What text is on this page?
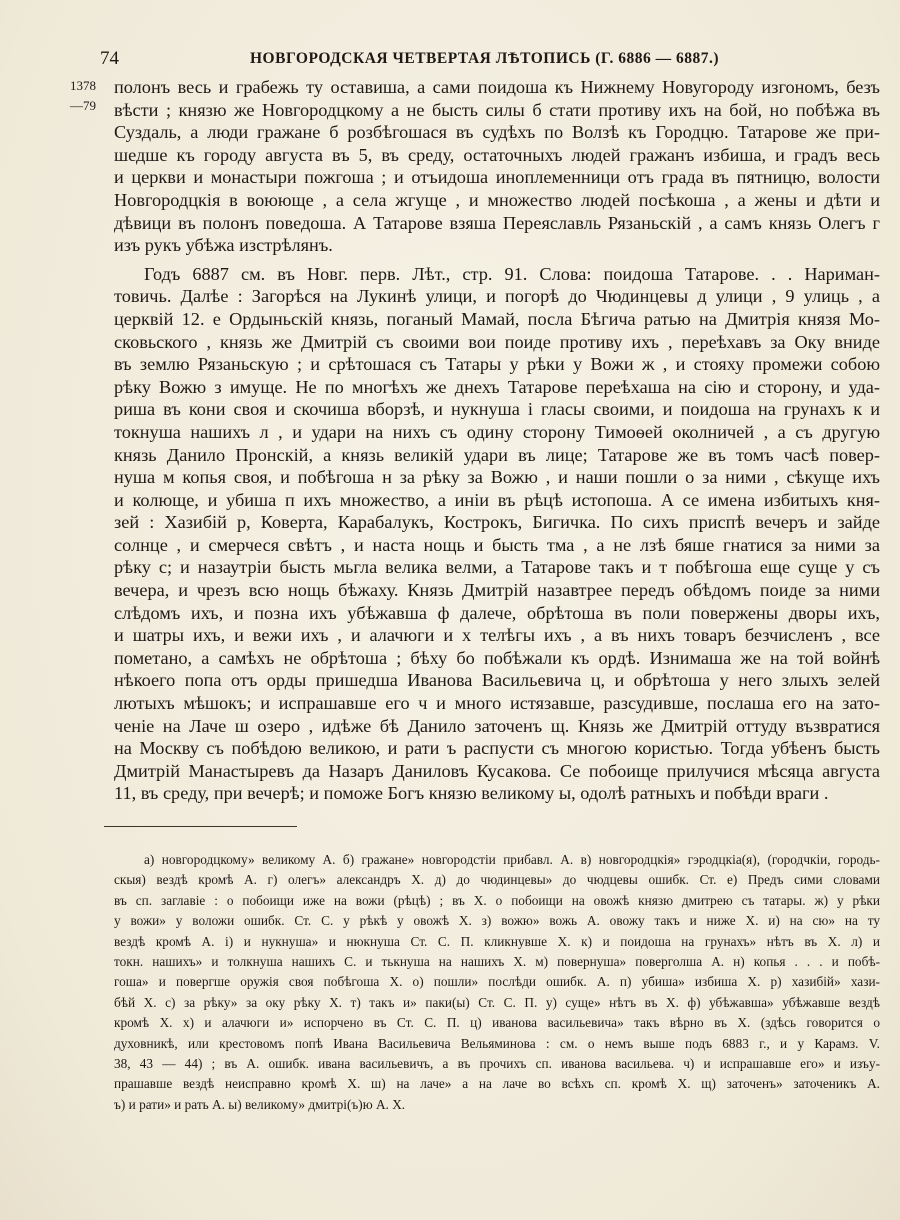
74	НОВГОРОДСКАЯ ЧЕТВЕРТАЯ ЛѢТОПИСЬ (Г. 6886 — 6887.)
1378
—79
полонъ весь и грабежь ту оставиша, а сами поидоша къ Нижнему Новугороду изгономъ, безъ
вѣсти ; князю же Новгородцкому а не бысть силы б стати противу ихъ на бой, но побѣжа въ
Суздаль, а люди гражане б розбѣгошася въ судѣхъ по Волзѣ къ Городцю. Татарове же при-
шедше къ городу августа въ 5, въ среду, остаточныхъ людей гражанъ избиша, и градъ весь
и церкви и монастыри пожгоша ; и отъидоша иноплеменници отъ града въ пятницю, волости
Новгородцкія в воююще , а села жгуще , и множество людей посѣкоша , а жены и дѣти и
дѣвици въ полонъ поведоша. А Татарове взяша Переяславль Рязаньскій , а самъ князь Олегъ г
изъ рукъ убѣжа изстрѣлянъ.
Годъ 6887 см. въ Новг. перв. Лѣт., стр. 91. Слова: поидоша Татарове. . . Нариман-
товичь. Далѣе : Загорѣся на Лукинѣ улици, и погорѣ до Чюдинцевы д улици , 9 улиць , а
церквій 12. е Ордыньскій князь, поганый Мамай, посла Бѣгича ратью на Дмитрія князя Мо-
сковьского , князь же Дмитрій съ своими вои поиде противу ихъ , переѣхавъ за Оку вниде
въ землю Рязаньскую ; и срѣтошася съ Татары у рѣки у Вожи ж , и стояху промежи собою
рѣку Вожю з имуще. Не по многѣхъ же днехъ Татарове переѣхаша на сію и сторону, и уда-
риша въ кони своя и скочиша вборзѣ, и нукнуша і гласы своими, и поидоша на грунахъ к и
токнуша нашихъ л , и удари на нихъ съ одину сторону Тимоѳей околничей , а съ другую
князь Данило Пронскій, а князь великій удари въ лице; Татарове же въ томъ часѣ повер-
нуша м копья своя, и побѣгоша н за рѣку за Вожю , и наши пошли о за ними , сѣкуще ихъ
и колюще, и убиша п ихъ множество, а иніи въ рѣцѣ истопоша. А се имена избитыхъ кня-
зей : Хазибій р, Коверта, Карабалукъ, Кострокъ, Бигичка. По сихъ приспѣ вечеръ и зайде
солнце , и смерчеся свѣтъ , и наста нощь и бысть тма , а не лзѣ бяше гнатися за ними за
рѣку с; и назаутріи бысть мьгла велика велми, а Татарове такъ и т побѣгоша еще суще у съ
вечера, и чрезъ всю нощь бѣжаху. Князь Дмитрій назавтрее передъ обѣдомъ поиде за ними
слѣдомъ ихъ, и позна ихъ убѣжавша ф далече, обрѣтоша въ поли повержены дворы ихъ,
и шатры ихъ, и вежи ихъ , и алачюги и х телѣгы ихъ , а въ нихъ товаръ безчисленъ , все
пометано, а самѣхъ не обрѣтоша ; бѣху бо побѣжали къ ордѣ. Изнимаша же на той войнѣ
нѣкоего попа отъ орды пришедша Иванова Васильевича ц, и обрѣтоша у него злыхъ зелей
лютыхъ мѣшокъ; и испрашавше его ч и много истязавше, разсудивше, послаша его на зато-
ченіе на Лаче ш озеро , идѣже бѣ Данило заточенъ щ. Князь же Дмитрій оттуду възвратися
на Москву съ побѣдою великою, и рати ъ распусти съ многою користью. Тогда убѣенъ бысть
Дмитрій Манастыревъ да Назаръ Даниловъ Кусакова. Се побоище прилучися мѣсяца августа
11, въ среду, при вечерѣ; и поможе Богъ князю великому ы, одолѣ ратныхъ и побѣди враги .
а) новгородцкому» великому А. б) гражане» новгородстіи прибавл. А. в) новгородцкія» гэродцкіа(я), (городчкіи, городь-
скыя) вездѣ кромѣ А. г) олегъ» александръ Х. д) до чюдинцевы» до чюдцевы ошибк. Ст. е) Предъ сими словами
въ сп. заглавіе : о побоищи иже на вожи (рѣцѣ) ; въ Х. о побоищи на овожѣ князю дмитрею съ татары. ж) у рѣки
у вожи» у воложи ошибк. Ст. С. у рѣкѣ у овожѣ Х. з) вожю» вожь А. овожу такъ и ниже Х. и) на сю» на ту
вездѣ кромѣ А. і) и нукнуша» и нюкнуша Ст. С. П. кликнувше Х. к) и поидоша на грунахъ» нѣтъ въ Х. л) и
токн. нашихъ» и толкнуша нашихъ С. и тькнуша на нашихъ Х. м) повернуша» поверголша А. н) копья . . . и побѣ-
гоша» и повергше оружія своя побѣгоша Х. о) пошли» послѣди ошибк. А. п) убиша» избиша Х. р) хазибій» хази-
бѣй Х. с) за рѣку» за оку рѣку Х. т) такъ и» паки(ы) Ст. С. П. у) суще» нѣтъ въ Х. ф) убѣжавша» убѣжавше вездѣ
кромѣ Х. х) и алачюги и» испорчено въ Ст. С. П. ц) иванова васильевича» такъ вѣрно въ Х. (здѣсь говорится о
духовникѣ, или крестовомъ попѣ Ивана Васильевича Вельяминова : см. о немъ выше подъ 6883 г., и у Карамз. V.
38, 43 — 44) ; въ А. ошибк. ивана васильевичъ, а въ прочихъ сп. иванова васильева. ч) и испрашавше его» и изъу-
прашавше вездѣ неисправно кромѣ Х. ш) на лаче» а на лаче во всѣхъ сп. кромѣ Х. щ) заточенъ» заточеникъ А.
ъ) и рати» и рать А. ы) великому» дмитрі(ъ)ю А. Х.
